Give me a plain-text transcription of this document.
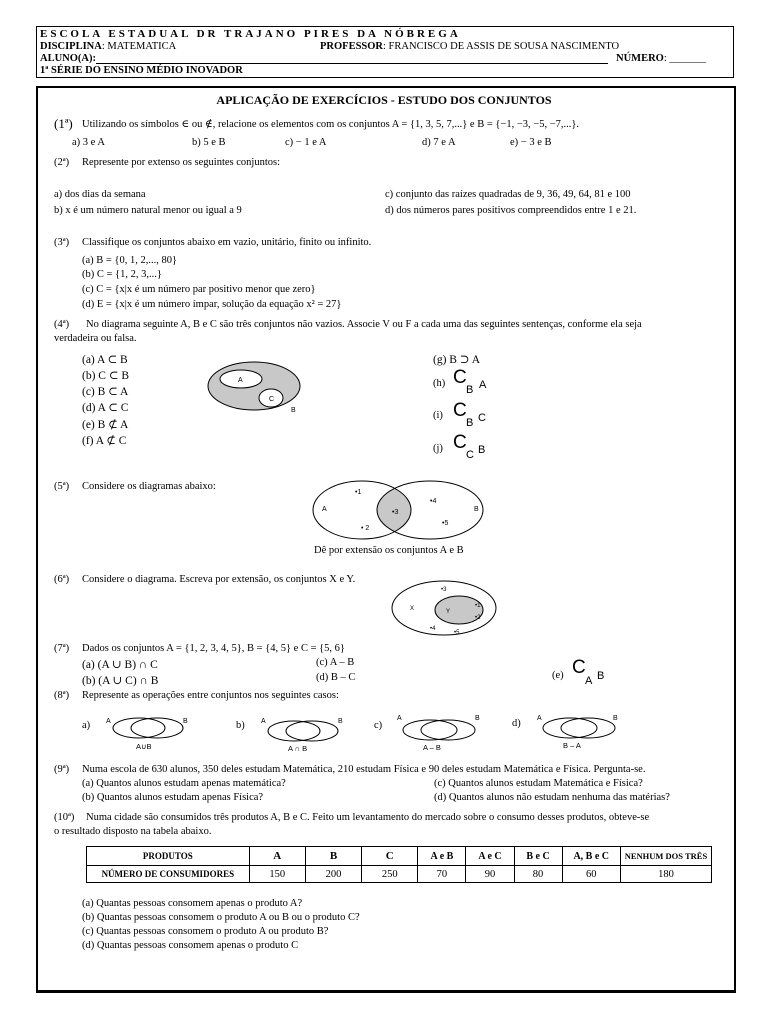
ESCOLA ESTADUAL DR TRAJANO PIRES DA NÓBREGA
DISCIPLINA: MATEMATICA	PROFESSOR: FRANCISCO DE ASSIS DE SOUSA NASCIMENTO
ALUNO(A):	NÚMERO: _______
1ª SÉRIE DO ENSINO MÉDIO INOVADOR
APLICAÇÃO DE EXERCÍCIOS - ESTUDO DOS CONJUNTOS
(1ª) Utilizando os símbolos ∈ ou ∉, relacione os elementos com os conjuntos A = {1, 3, 5, 7,...} e B = {−1, −3, −5, −7,...}.
a) 3 e A	b) 5 e B	c) − 1 e A	d) 7 e A	e) − 3 e B
(2ª) Represente por extenso os seguintes conjuntos:
a) dos dias da semana
b) x é um número natural menor ou igual a 9
c) conjunto das raízes quadradas de 9, 36, 49, 64, 81 e 100
d) dos números pares positivos compreendidos entre 1 e 21.
(3ª) Classifique os conjuntos abaixo em vazio, unitário, finito ou infinito.
(a) B = {0, 1, 2,..., 80}
(b) C = {1, 2, 3,...}
(c) C = {x|x é um número par positivo menor que zero}
(d) E = {x|x é um número ímpar, solução da equação x² = 27}
(4ª) No diagrama seguinte A, B e C são três conjuntos não vazios. Associe V ou F a cada uma das seguintes sentenças, conforme ela seja
verdadeira ou falsa.
(a) A ⊂ B
(b) C ⊂ B
(c) B ⊂ A
(d) A ⊂ C
(e) B ⊄ A
(f) A ⊄ C
A
C
B
(g) B ⊃ A
(h) C
B A
(i) C
B C
(j) C
C B
(5ª) Considere os diagramas abaixo:
A	B
•1
• 2
•3
•4
•5
Dê por extensão os conjuntos A e B
(6ª) Considere o diagrama. Escreva por extensão, os conjuntos X e Y.
X	Y
•3
•1
•2
•4
•5
(7ª) Dados os conjuntos A = {1, 2, 3, 4, 5}, B = {4, 5} e C = {5, 6}
(a) (A ∪ B) ∩ C
(b) (A ∪ C) ∩ B
(c) A – B
(d) B – C	(e) C
A B
(8ª) Represente as operações entre conjuntos nos seguintes casos:
a) A	B
A∪B
b) A	B
A ∩ B
c)
A	B
A – B
d) A	B
B – A
(9ª) Numa escola de 630 alunos, 350 deles estudam Matemática, 210 estudam Física e 90 deles estudam Matemática e Física. Pergunta-se.
(a) Quantos alunos estudam apenas matemática?
(b) Quantos alunos estudam apenas Física?
(c) Quantos alunos estudam Matemática e Física?
(d) Quantos alunos não estudam nenhuma das matérias?
(10ª) Numa cidade são consumidos três produtos A, B e C. Feito um levantamento do mercado sobre o consumo desses produtos, obteve-se
o resultado disposto na tabela abaixo.
PRODUTOS	A	B	C	A e B	A e C	B e C	A, B e C	NENHUM DOS TRÊS
NÚMERO DE CONSUMIDORES	150	200	250	70	90	80	60	180
(a) Quantas pessoas consomem apenas o produto A?
(b) Quantas pessoas consomem o produto A ou B ou o produto C?
(c) Quantas pessoas consomem o produto A ou produto B?
(d) Quantas pessoas consomem apenas o produto C
